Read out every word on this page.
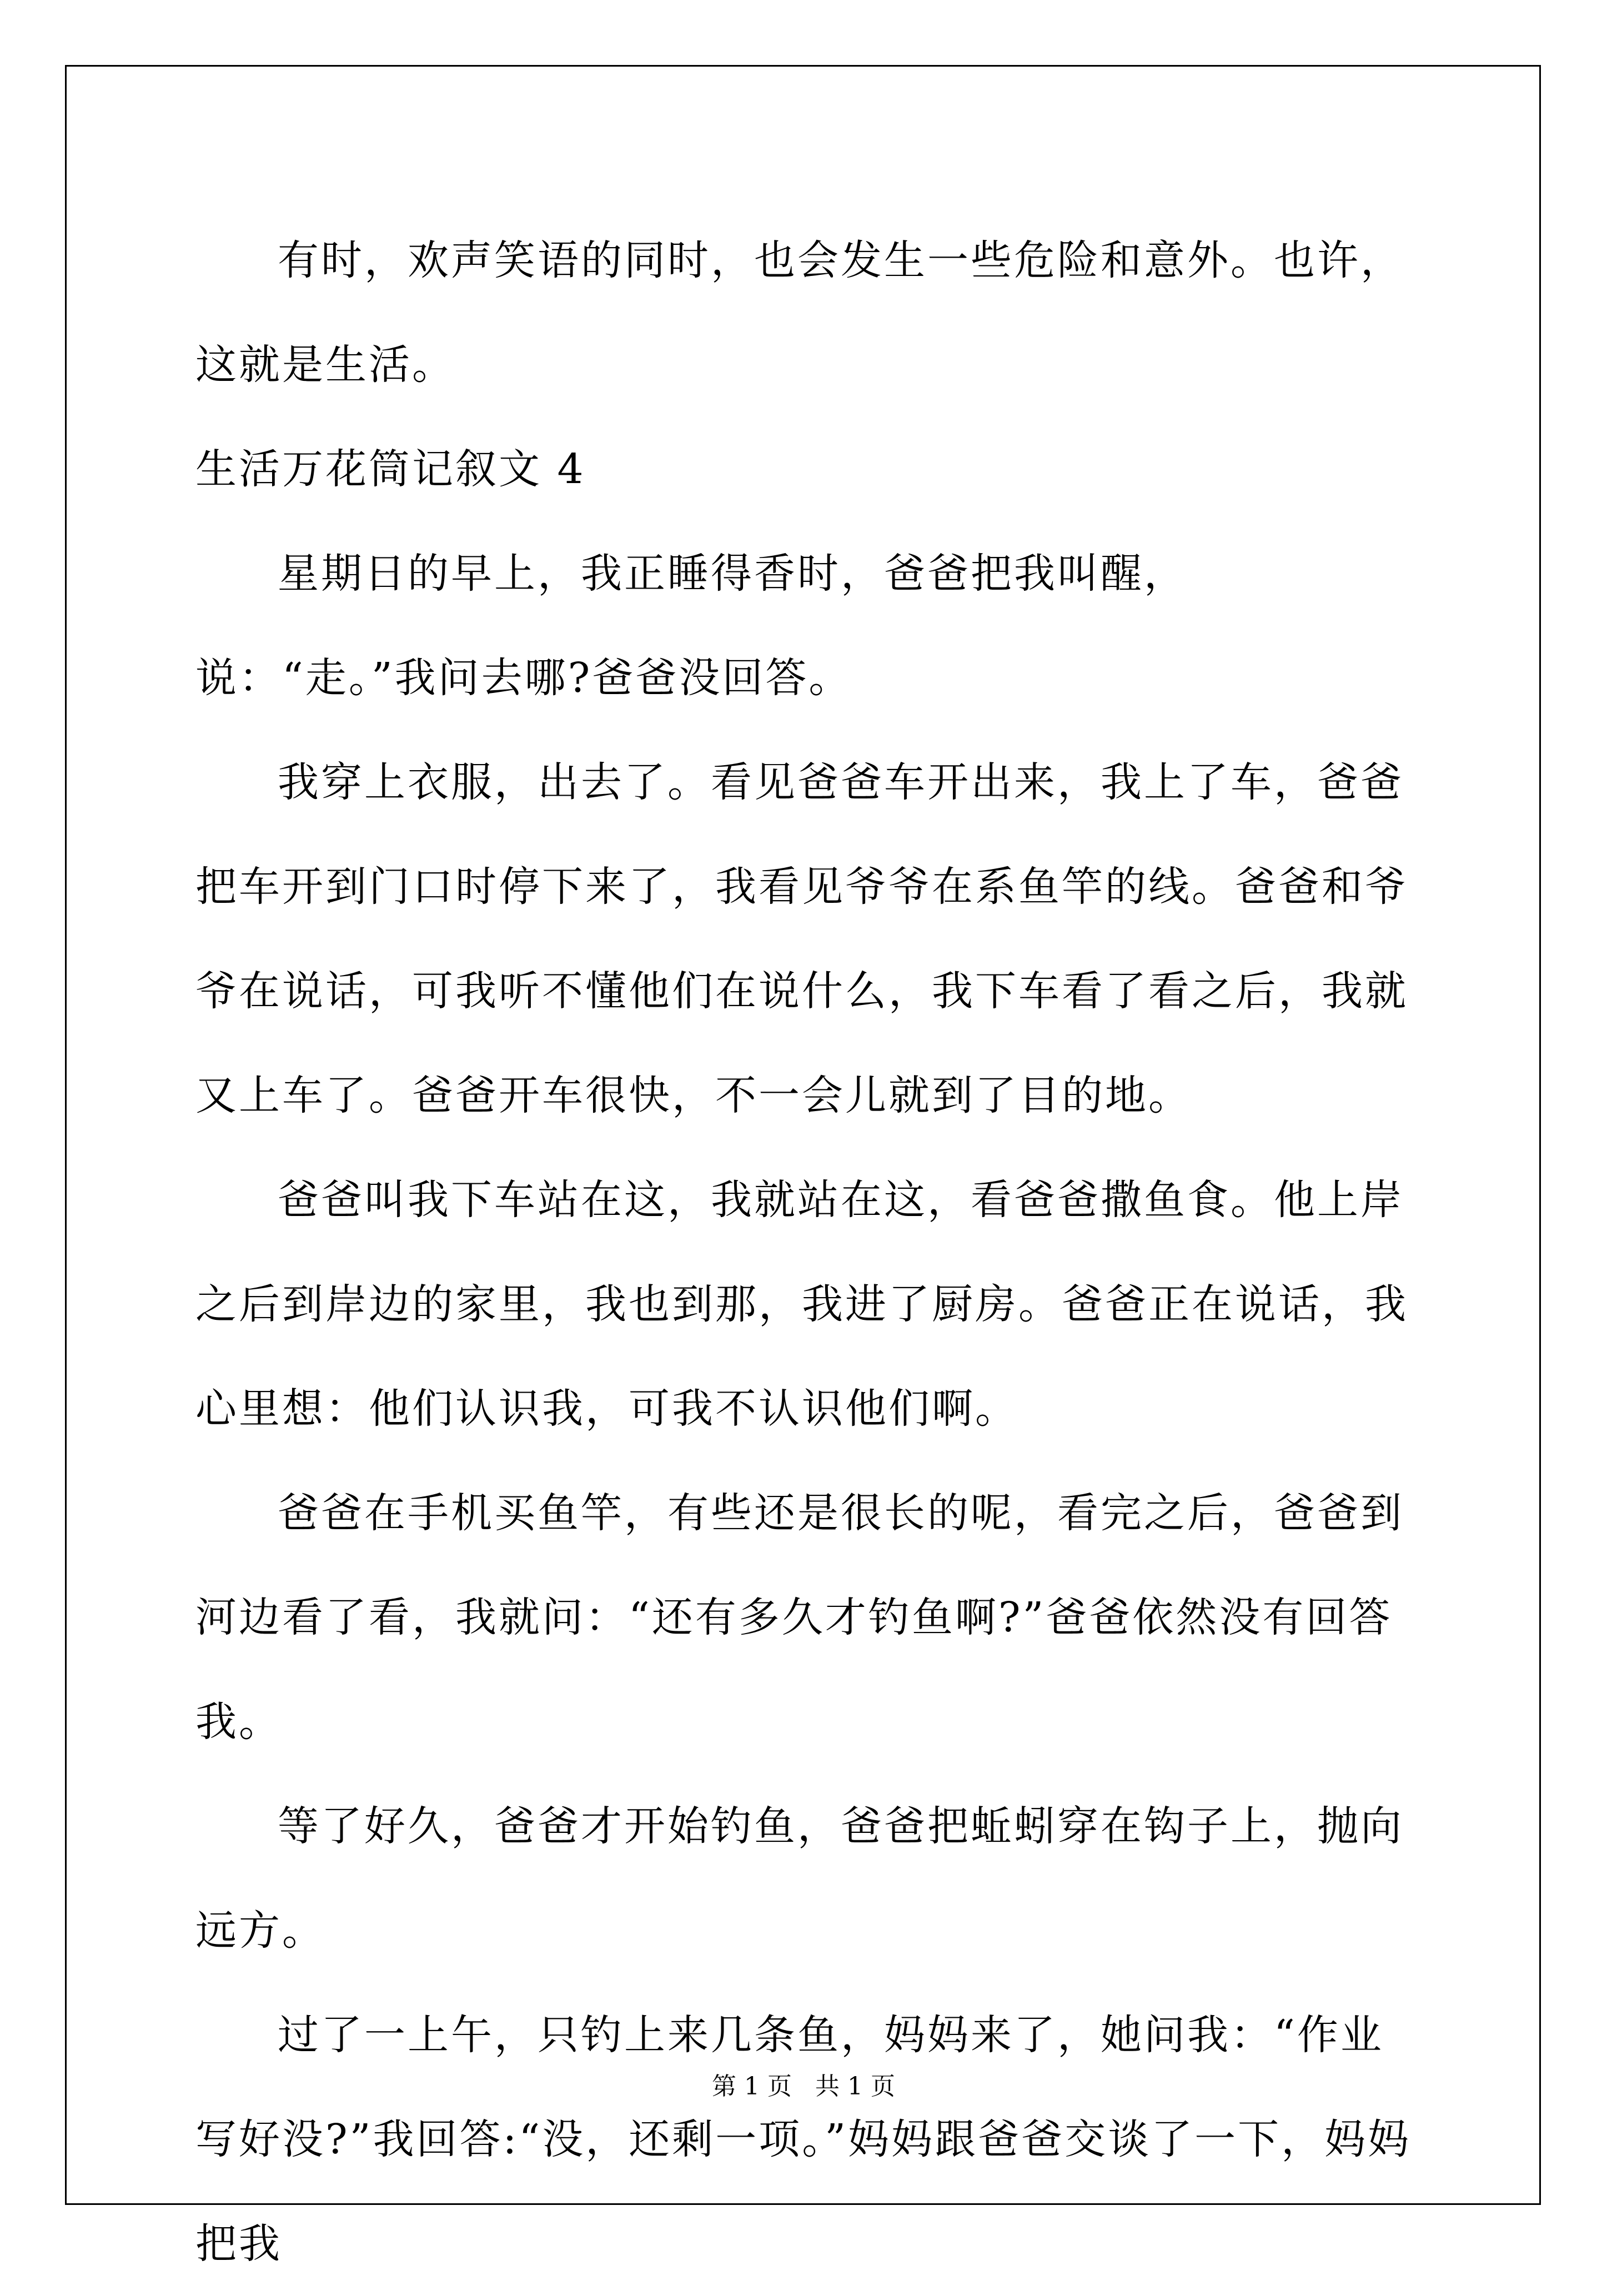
有时，欢声笑语的同时，也会发生一些危险和意外。也许，这就是生活。

生活万花筒记叙文 4

星期日的早上，我正睡得香时，爸爸把我叫醒，说：“走。”我问去哪?爸爸没回答。

我穿上衣服，出去了。看见爸爸车开出来，我上了车，爸爸把车开到门口时停下来了，我看见爷爷在系鱼竿的线。爸爸和爷爷在说话，可我听不懂他们在说什么，我下车看了看之后，我就又上车了。爸爸开车很快，不一会儿就到了目的地。

爸爸叫我下车站在这，我就站在这，看爸爸撒鱼食。他上岸之后到岸边的家里，我也到那，我进了厨房。爸爸正在说话，我心里想：他们认识我，可我不认识他们啊。

爸爸在手机买鱼竿，有些还是很长的呢，看完之后，爸爸到河边看了看，我就问：“还有多久才钓鱼啊?”爸爸依然没有回答我。

等了好久，爸爸才开始钓鱼，爸爸把蚯蚓穿在钩子上，抛向远方。

过了一上午，只钓上来几条鱼，妈妈来了，她问我：“作业写好没?”我回答:“没，还剩一项。”妈妈跟爸爸交谈了一下，妈妈把我

第 1 页 共 1 页
